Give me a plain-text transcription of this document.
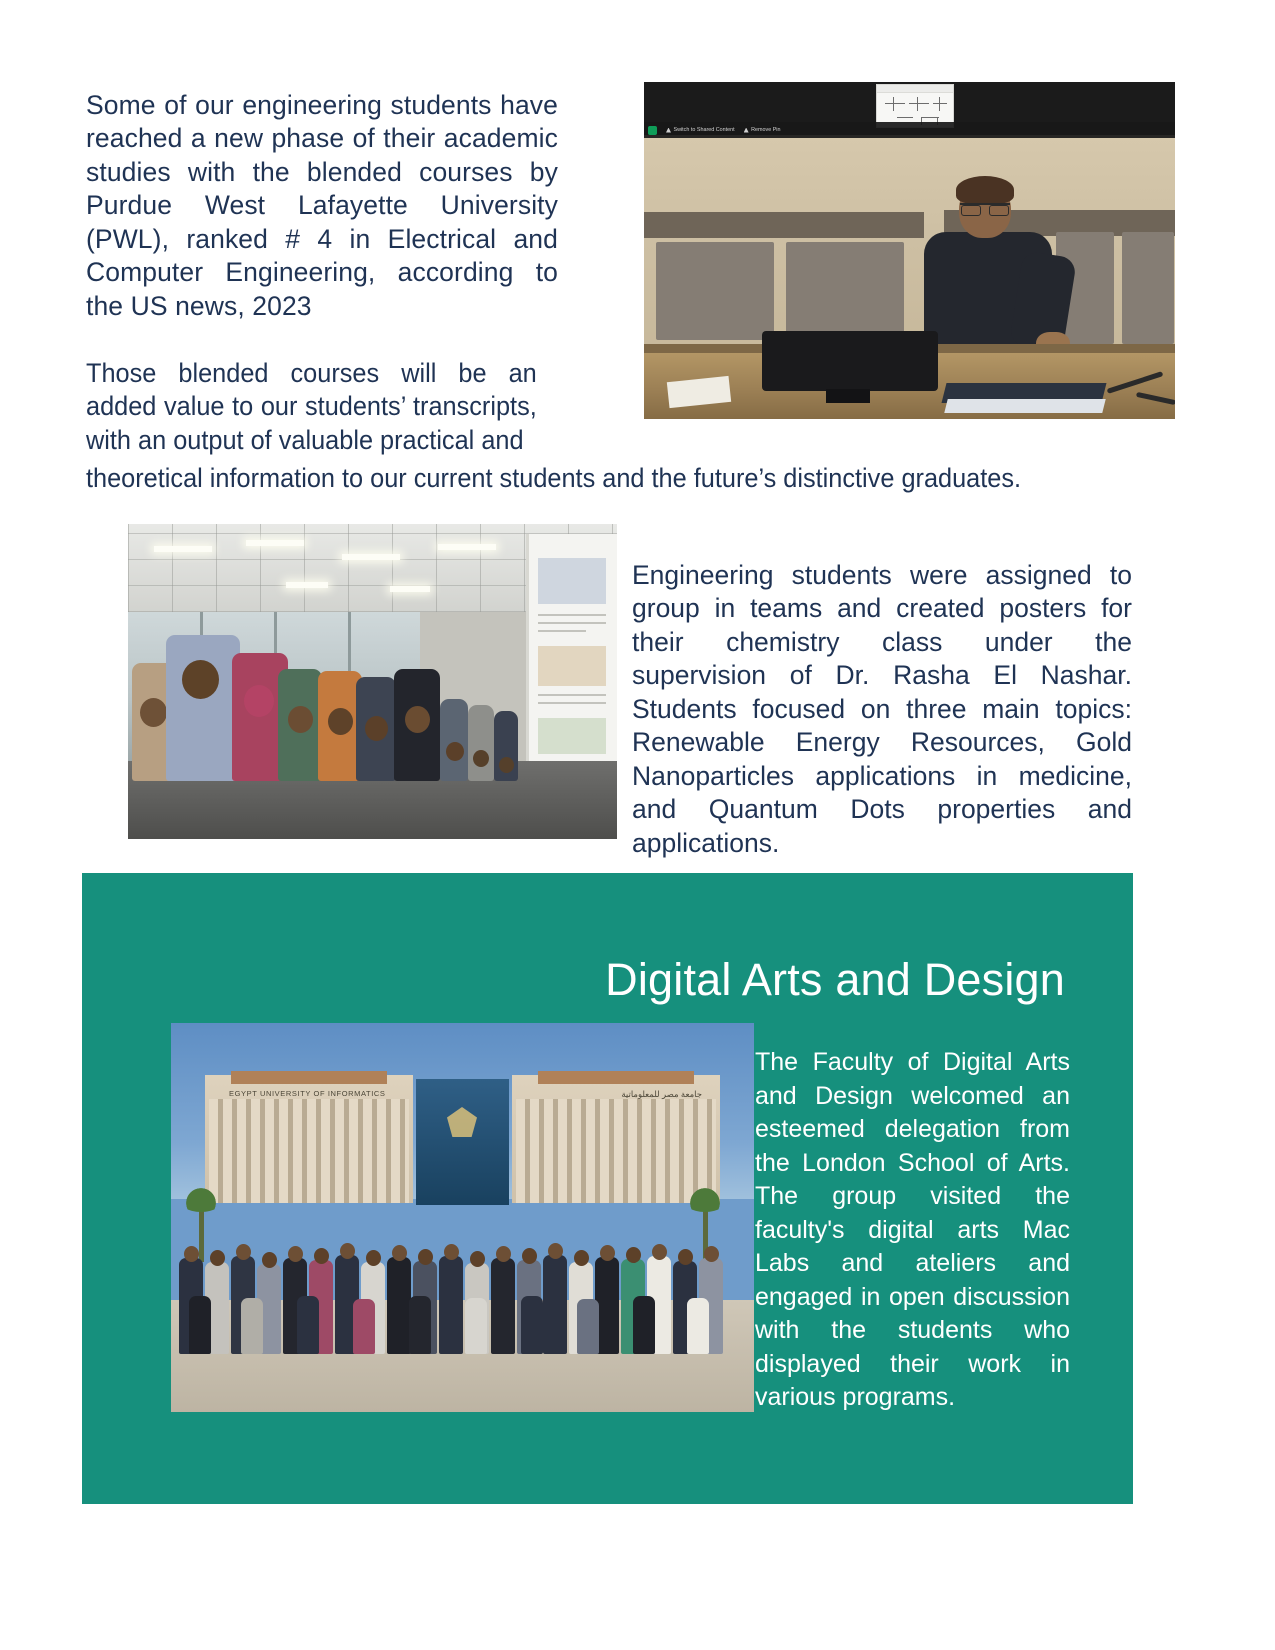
Some of our engineering students have reached a new phase of their academic studies with the blended courses by Purdue West Lafayette University (PWL), ranked # 4 in Electrical and Computer Engineering, according to the US news, 2023

Those blended courses will be an added value to our students’ transcripts, with an output of valuable practical and

theoretical information to our current students and the future’s distinctive graduates.

Switch to Shared Content	Remove Pin

Engineering students were assigned to group in teams and created posters for their chemistry class under the supervision of Dr. Rasha El Nashar. Students focused on three main topics: Renewable Energy Resources, Gold Nanoparticles applications in medicine, and Quantum Dots properties and applications.

Digital Arts and Design
EGYPT UNIVERSITY OF INFORMATICS	جامعة مصر للمعلوماتية

The Faculty of Digital Arts and Design welcomed an esteemed delegation from the London School of Arts. The group visited the faculty's digital arts Mac Labs and ateliers and engaged in open discussion with the students who displayed their work in various programs.
